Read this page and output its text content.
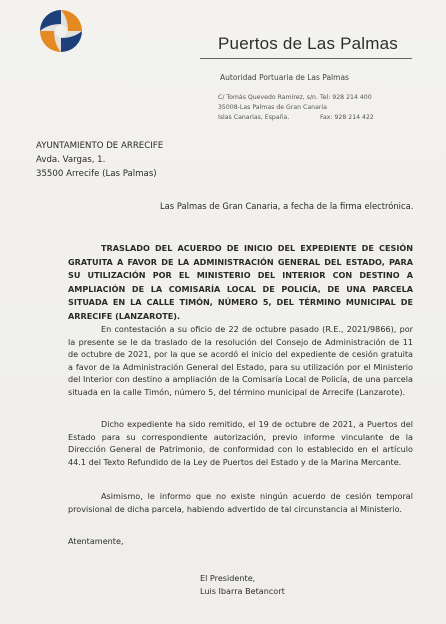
Puertos de Las Palmas
Autoridad Portuaria de Las Palmas
C/ Tomás Quevedo Ramírez, s/n.
35008-Las Palmas de Gran Canaria
Islas Canarias, España.
Tel: 928 214 400
Fax: 928 214 422
AYUNTAMIENTO DE ARRECIFE
Avda. Vargas, 1.
35500 Arrecife (Las Palmas)
Las Palmas de Gran Canaria, a fecha de la firma electrónica.
TRASLADO DEL ACUERDO DE INICIO DEL EXPEDIENTE DE CESIÓN GRATUITA A FAVOR DE LA ADMINISTRACIÓN GENERAL DEL ESTADO, PARA SU UTILIZACIÓN POR EL MINISTERIO DEL INTERIOR CON DESTINO A AMPLIACIÓN DE LA COMISARÍA LOCAL DE POLICÍA, DE UNA PARCELA SITUADA EN LA CALLE TIMÓN, NÚMERO 5, DEL TÉRMINO MUNICIPAL DE ARRECIFE (LANZAROTE).
En contestación a su oficio de 22 de octubre pasado (R.E., 2021/9866), por la presente se le da traslado de la resolución del Consejo de Administración de 11 de octubre de 2021, por la que se acordó el inicio del expediente de cesión gratuita a favor de la Administración General del Estado, para su utilización por el Ministerio del Interior con destino a ampliación de la Comisaría Local de Policía, de una parcela situada en la calle Timón, número 5, del término municipal de Arrecife (Lanzarote).
Dicho expediente ha sido remitido, el 19 de octubre de 2021, a Puertos del Estado para su correspondiente autorización, previo informe vinculante de la Dirección General de Patrimonio, de conformidad con lo establecido en el artículo 44.1 del Texto Refundido de la Ley de Puertos del Estado y de la Marina Mercante.
Asimismo, le informo que no existe ningún acuerdo de cesión temporal provisional de dicha parcela, habiendo advertido de tal circunstancia al Ministerio.
Atentamente,
El Presidente,
Luis Ibarra Betancort
